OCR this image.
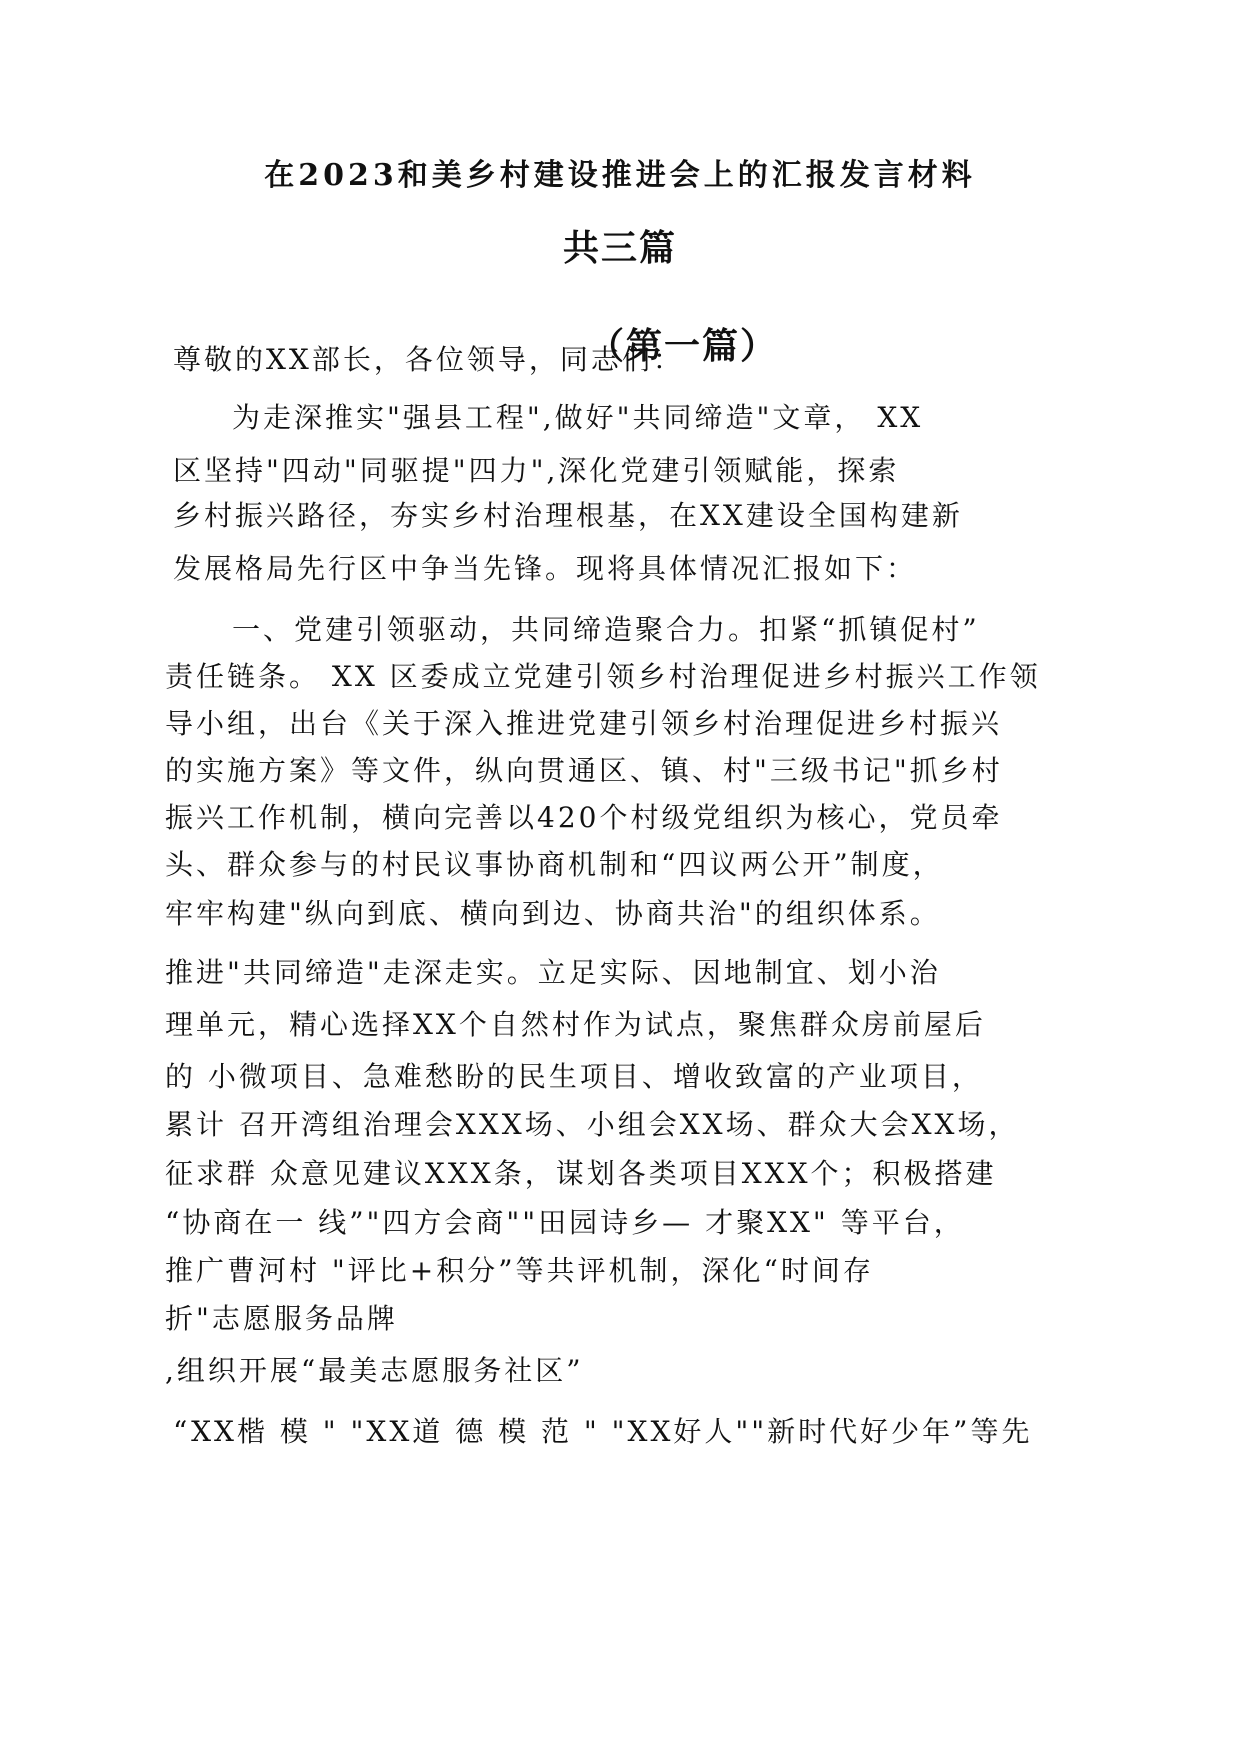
在2023和美乡村建设推进会上的汇报发言材料
共三篇
（第一篇）
尊敬的XX部长，各位领导，同志们：
为走深推实"强县工程",做好"共同缔造"文章， XX
区坚持"四动"同驱提"四力",深化党建引领赋能，探索
乡村振兴路径，夯实乡村治理根基，在XX建设全国构建新
发展格局先行区中争当先锋。现将具体情况汇报如下：
一、党建引领驱动，共同缔造聚合力。扣紧“抓镇促村”
责任链条。 XX 区委成立党建引领乡村治理促进乡村振兴工作领
导小组，出台《关于深入推进党建引领乡村治理促进乡村振兴
的实施方案》等文件，纵向贯通区、镇、村"三级书记"抓乡村
振兴工作机制，横向完善以420个村级党组织为核心，党员牵
头、群众参与的村民议事协商机制和“四议两公开”制度，
牢牢构建"纵向到底、横向到边、协商共治"的组织体系。
推进"共同缔造"走深走实。立足实际、因地制宜、划小治
理单元，精心选择XX个自然村作为试点，聚焦群众房前屋后
的 小微项目、急难愁盼的民生项目、增收致富的产业项目，
累计 召开湾组治理会XXX场、小组会XX场、群众大会XX场，
征求群 众意见建议XXX条，谋划各类项目XXX个；积极搭建
“协商在一 线”"四方会商""田园诗乡— 才聚XX" 等平台，
推广曹河村 "评比+积分”等共评机制，深化“时间存
折"志愿服务品牌
,组织开展“最美志愿服务社区”
“XX楷 模 " "XX道 德 模 范 " "XX好人""新时代好少年”等先
